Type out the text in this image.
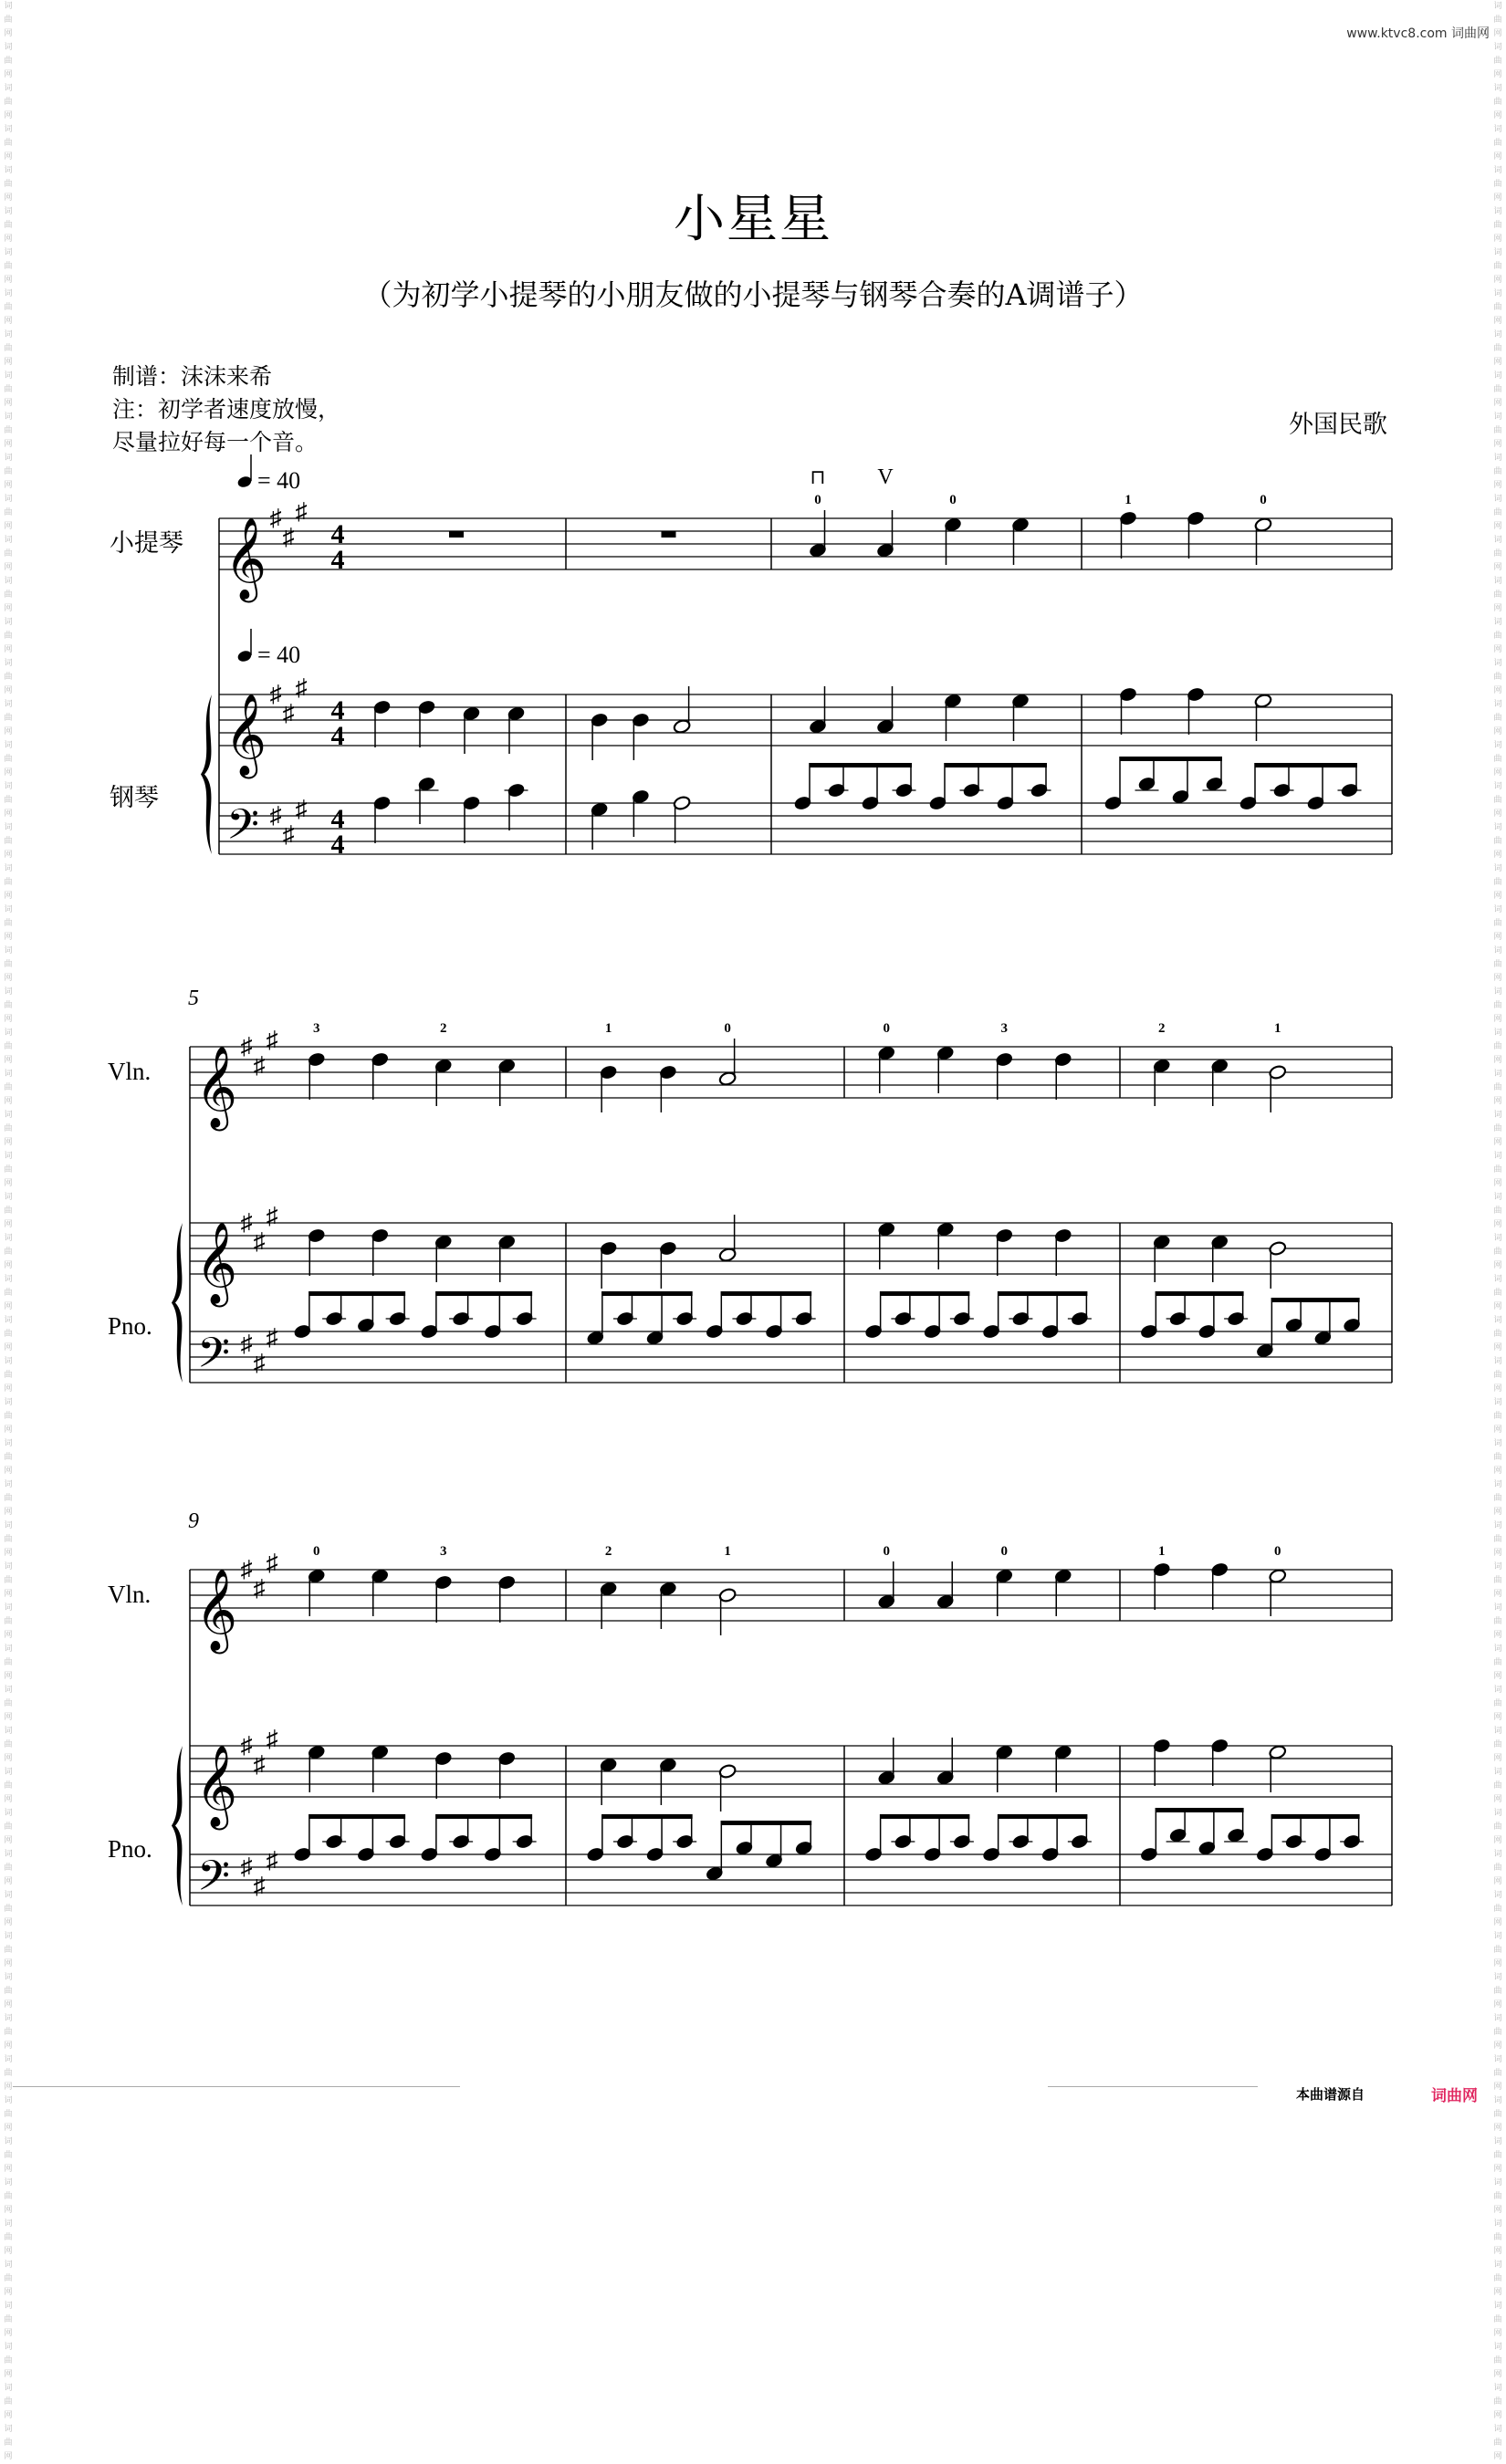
词曲网
词曲网
词曲网
词曲网
词曲网
词曲网
词曲网
词曲网
词曲网
词曲网
词曲网
词曲网
词曲网
词曲网
词曲网
词曲网
词曲网
词曲网
词曲网
词曲网
词曲网
词曲网
词曲网
词曲网
词曲网
词曲网
词曲网
词曲网
词曲网
词曲网
词曲网
词曲网
词曲网
词曲网
词曲网
词曲网
词曲网
词曲网
词曲网
词曲网
词曲网
词曲网
词曲网
词曲网
词曲网
词曲网
词曲网
词曲网
词曲网
词曲网
词曲网
词曲网
词曲网
词曲网
词曲网
词曲网
词曲网
词曲网
词曲网
词曲网
词曲网
词曲网
词曲网
词曲网
词曲网
词曲网
词曲网
词曲网
词曲网
词曲网
词曲网
词曲网
词曲网
词曲网
词曲网
词曲网
词曲网
词曲网
词曲网
词曲网
词曲网
词曲网
词曲网
词曲网
词曲网
词曲网
词曲网
词曲网
词曲网
词曲网
词曲网
词曲网
词曲网
词曲网
词曲网
词曲网
词曲网
词曲网
词曲网
词曲网
词曲网
词曲网
词曲网
词曲网
词曲网
词曲网
词曲网
词曲网
词曲网
词曲网
词曲网
词曲网
词曲网
词曲网
词曲网
词曲网
词曲网
词曲网
词曲网
词曲网
www.ktvc8.com 词曲网
小星星
（为初学小提琴的小朋友做的小提琴与钢琴合奏的A调谱子）
制谱：沫沫来希
注：初学者速度放慢，
尽量拉好每一个音。
外国民歌
小提琴
钢琴
= 40
= 40
𝄞
𝄞
𝄢
♯
♯
♯
♯
♯
♯
♯
♯
♯
4
4
4
4
4
4
0	0	1	0
⊓ V
Vln.
Pno.
5
𝄞
𝄞
𝄢
♯
♯
♯
♯
♯
♯
♯
♯
♯
3	2	1	0	0	3	2	1
Vln.
Pno.
9
𝄞
𝄞
𝄢
♯
♯
♯
♯
♯
♯
♯
♯
♯
0	3	2	1	0	0	1	0
本曲谱源自	词曲网
